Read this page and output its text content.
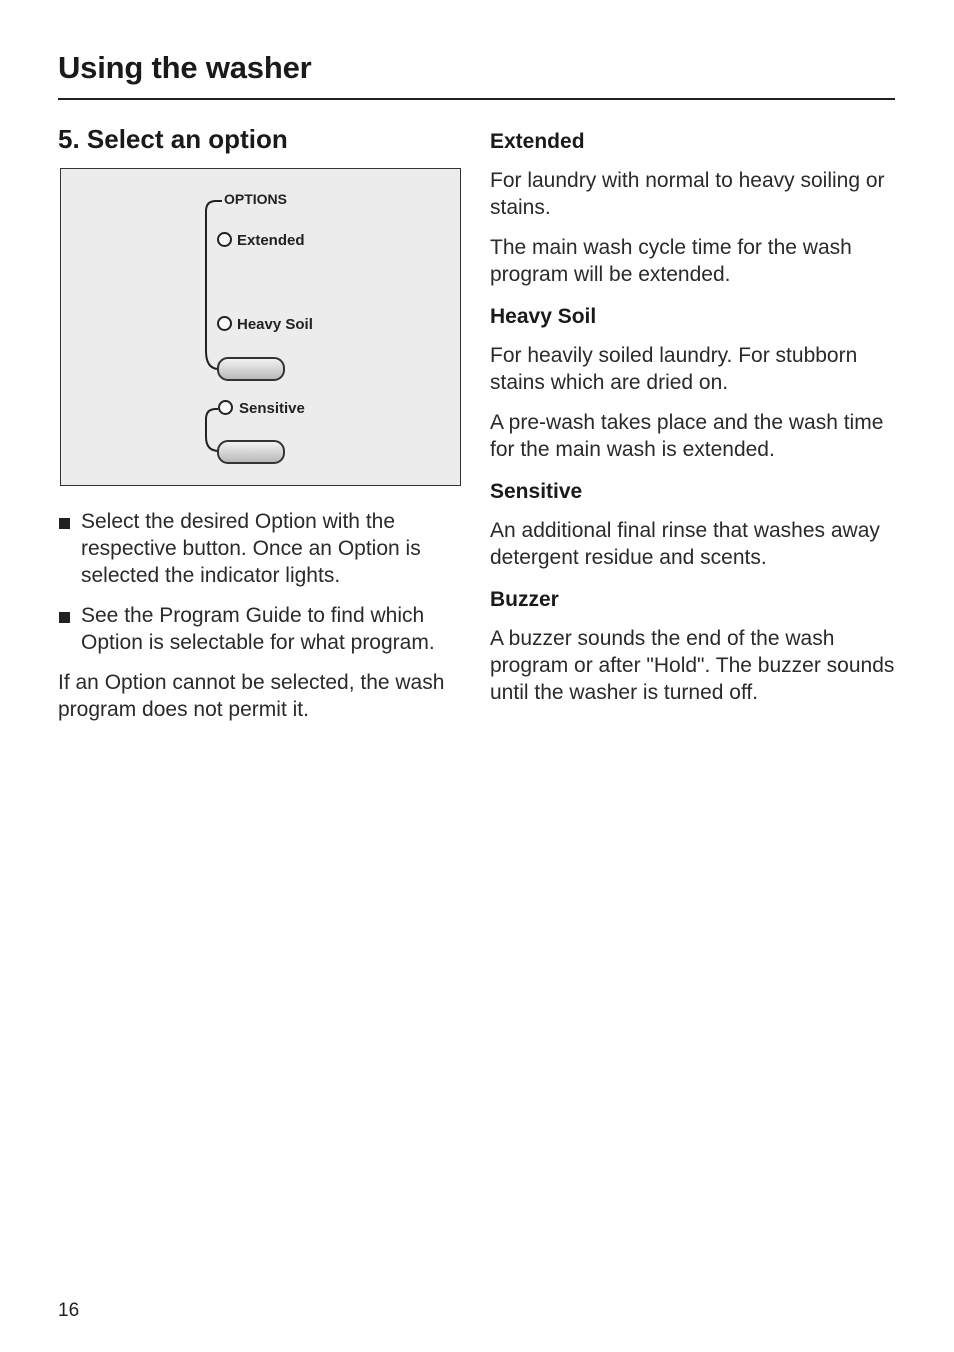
Using the washer
5. Select an option
OPTIONS
Extended
Heavy Soil
Sensitive

Select the desired Option with the respective button. Once an Option is selected the indicator lights.

See the Program Guide to find which Option is selectable for what program.

If an Option cannot be selected, the wash program does not permit it.

Extended

For laundry with normal to heavy soiling or stains.

The main wash cycle time for the wash program will be extended.

Heavy Soil

For heavily soiled laundry. For stubborn stains which are dried on.

A pre-wash takes place and the wash time for the main wash is extended.

Sensitive

An additional final rinse that washes away detergent residue and scents.

Buzzer

A buzzer sounds the end of the wash program or after "Hold". The buzzer sounds until the washer is turned off.

16
